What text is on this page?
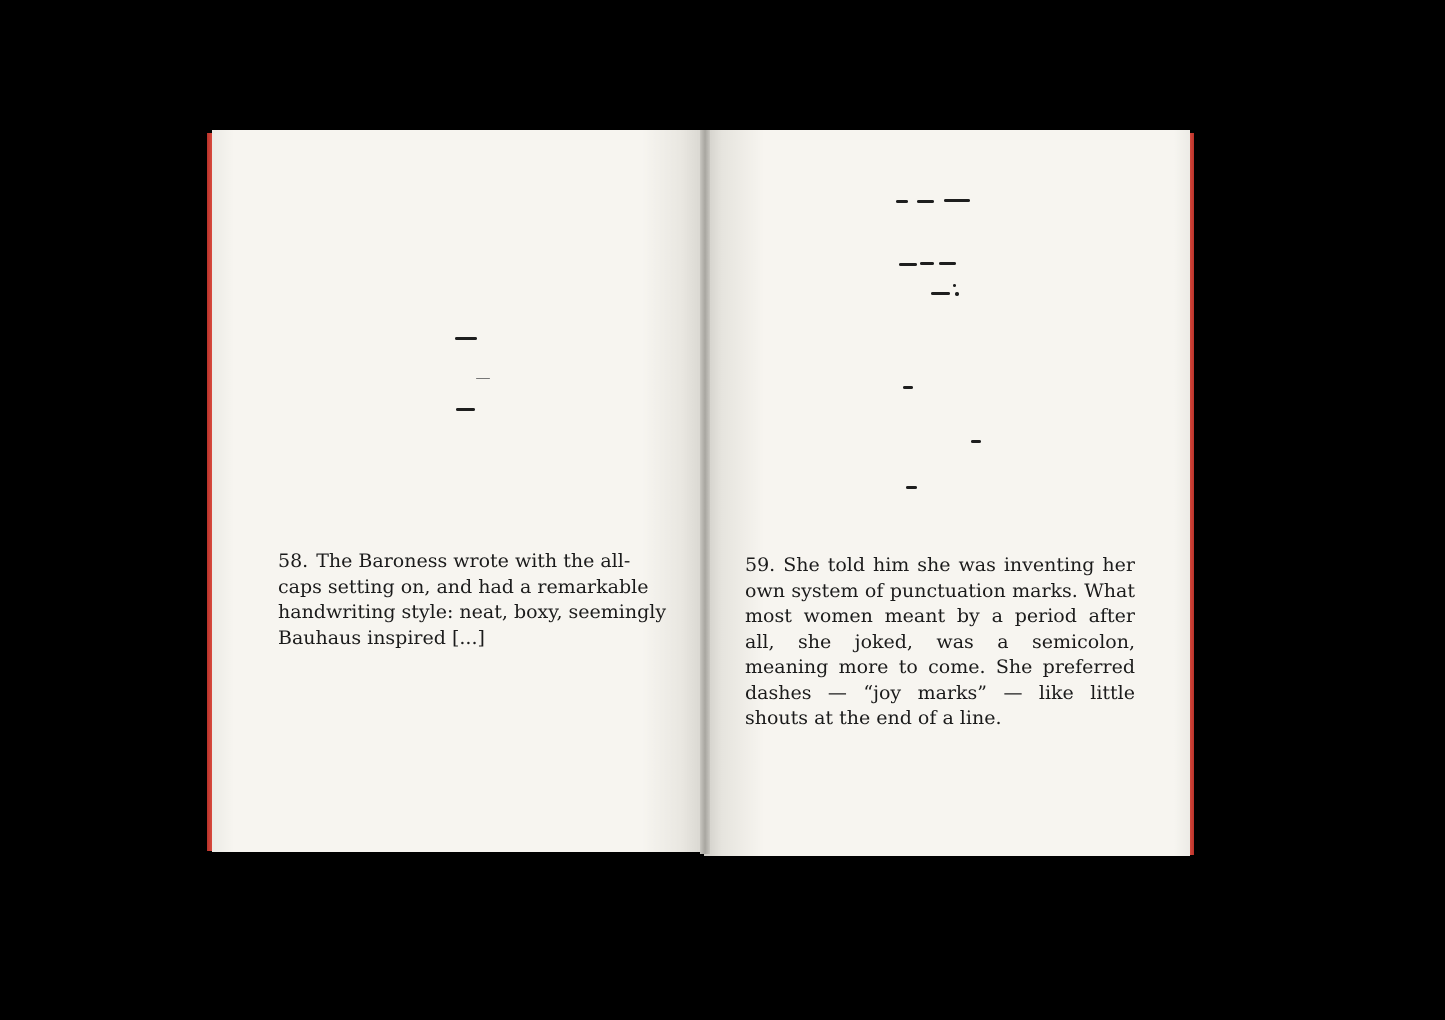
58. The Baroness wrote with the all-caps setting on, and had a remarkable handwriting style: neat, boxy, seemingly Bauhaus inspired [...]

59. She told him she was inventing her own system of punctuation marks. What most women meant by a period after all, she joked, was a semicolon, meaning more to come. She preferred dashes — “joy marks” — like little shouts at the end of a line.
